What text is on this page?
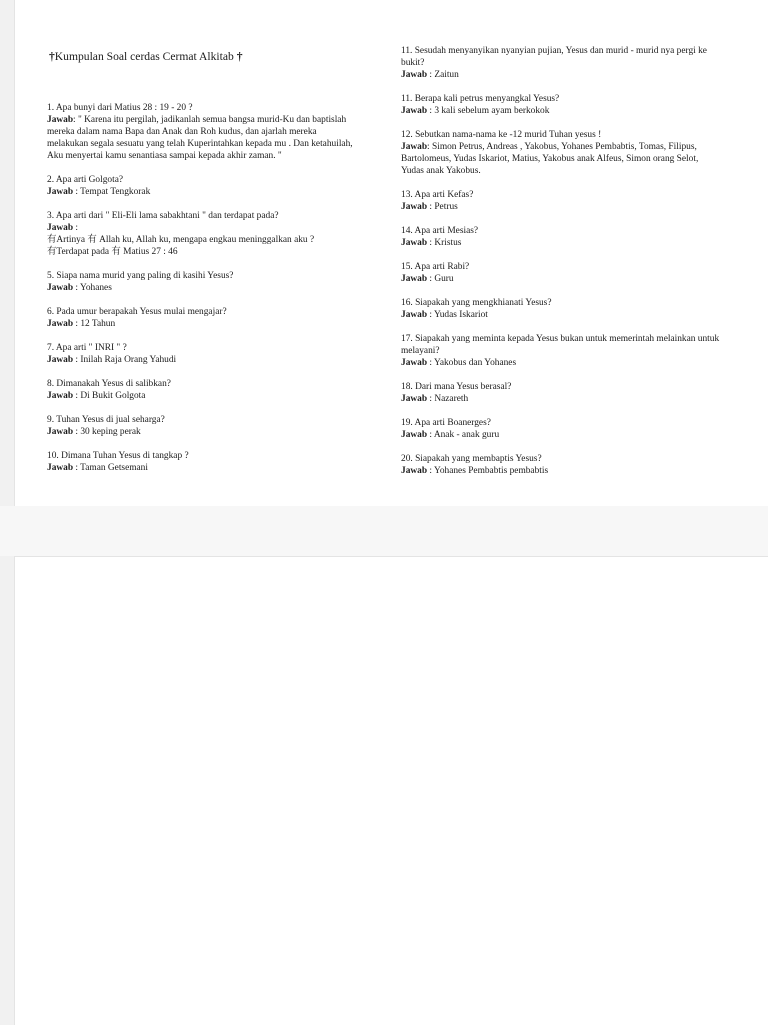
†Kumpulan Soal cerdas Cermat Alkitab †

1. Apa bunyi dari Matius 28 : 19 - 20 ?

Jawab: " Karena itu pergilah, jadikanlah semua bangsa murid-Ku dan baptislah mereka dalam nama Bapa dan Anak dan Roh kudus, dan ajarlah mereka melakukan segala sesuatu yang telah Kuperintahkan kepada mu . Dan ketahuilah, Aku menyertai kamu senantiasa sampai kepada akhir zaman. "

2. Apa arti Golgota?

Jawab : Tempat Tengkorak

3. Apa arti dari " Eli-Eli lama sabakhtani " dan terdapat pada?

Jawab :

有Artinya 有 Allah ku, Allah ku, mengapa engkau meninggalkan aku ?

有Terdapat pada 有 Matius 27 : 46

5. Siapa nama murid yang paling di kasihi Yesus?

Jawab : Yohanes

6. Pada umur berapakah Yesus mulai mengajar?

Jawab : 12 Tahun

7. Apa arti " INRI " ?

Jawab : Inilah Raja Orang Yahudi

8. Dimanakah Yesus di salibkan?

Jawab : Di Bukit Golgota

9. Tuhan Yesus di jual seharga?

Jawab : 30 keping perak

10. Dimana Tuhan Yesus di tangkap ?

Jawab : Taman Getsemani

11. Sesudah menyanyikan nyanyian pujian, Yesus dan murid - murid nya pergi ke bukit?

Jawab : Zaitun

11. Berapa kali petrus menyangkal Yesus?

Jawab : 3 kali sebelum ayam berkokok

12. Sebutkan nama-nama ke -12 murid Tuhan yesus !

Jawab: Simon Petrus, Andreas , Yakobus, Yohanes Pembabtis, Tomas, Filipus, Bartolomeus, Yudas Iskariot, Matius, Yakobus anak Alfeus, Simon orang Selot, Yudas anak Yakobus.

13. Apa arti Kefas?

Jawab : Petrus

14. Apa arti Mesias?

Jawab : Kristus

15. Apa arti Rabi?

Jawab : Guru

16. Siapakah yang mengkhianati Yesus?

Jawab : Yudas Iskariot

17. Siapakah yang meminta kepada Yesus bukan untuk memerintah melainkan untuk melayani?

Jawab : Yakobus dan Yohanes

18. Dari mana Yesus berasal?

Jawab : Nazareth

19. Apa arti Boanerges?

Jawab : Anak - anak guru

20. Siapakah yang membaptis Yesus?

Jawab : Yohanes Pembabtis pembabtis
